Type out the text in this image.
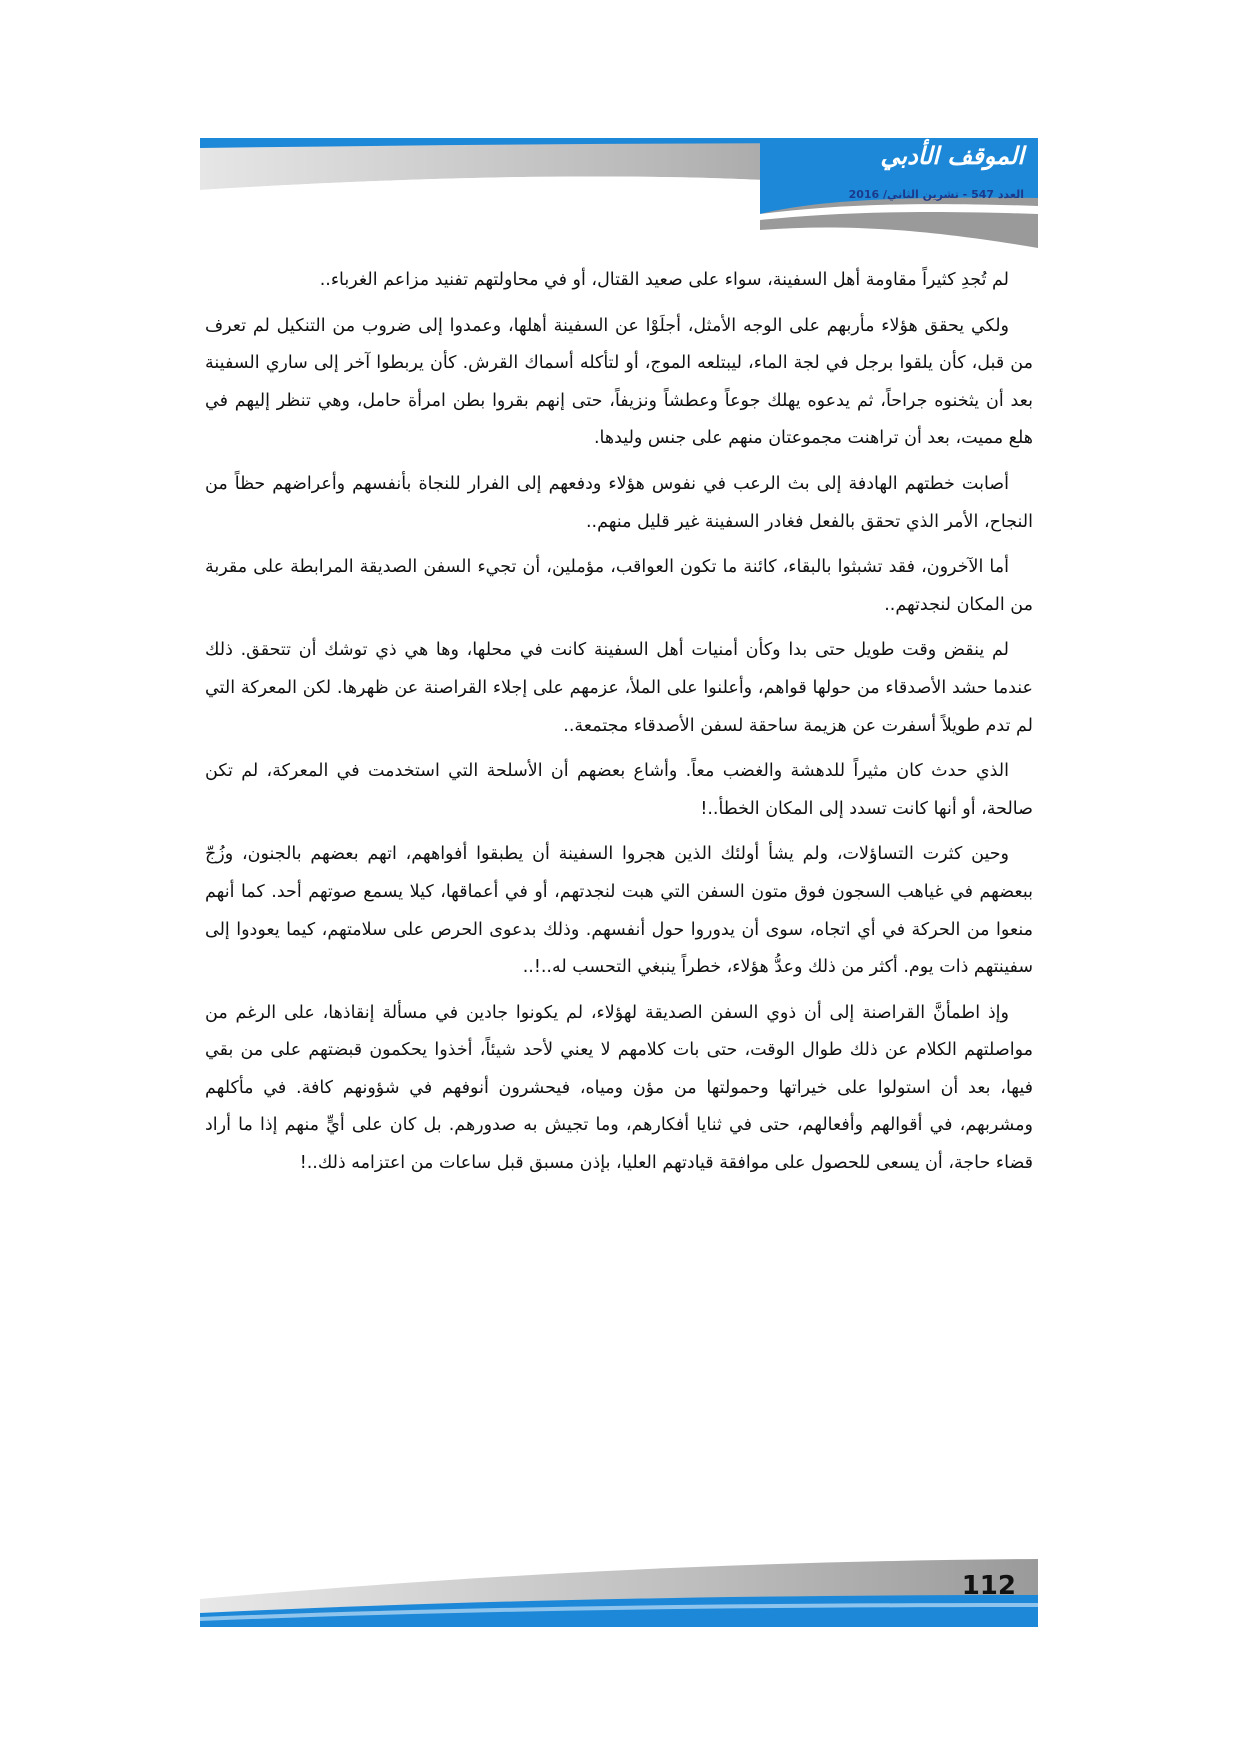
الموقف الأدبي
العدد 547 - تشرين الثاني/ 2016

لم تُجدِ كثيراً مقاومة أهل السفينة، سواء على صعيد القتال، أو في محاولتهم تفنيد مزاعم الغرباء..

ولكي يحقق هؤلاء مأربهم على الوجه الأمثل، أجلَوْا عن السفينة أهلها، وعمدوا إلى ضروب من التنكيل لم تعرف من قبل، كأن يلقوا برجل في لجة الماء، ليبتلعه الموج، أو لتأكله أسماك القرش. كأن يربطوا آخر إلى ساري السفينة بعد أن يثخنوه جراحاً، ثم يدعوه يهلك جوعاً وعطشاً ونزيفاً، حتى إنهم بقروا بطن امرأة حامل، وهي تنظر إليهم في هلع مميت، بعد أن تراهنت مجموعتان منهم على جنس وليدها.

أصابت خطتهم الهادفة إلى بث الرعب في نفوس هؤلاء ودفعهم إلى الفرار للنجاة بأنفسهم وأعراضهم حظاً من النجاح، الأمر الذي تحقق بالفعل فغادر السفينة غير قليل منهم..

أما الآخرون، فقد تشبثوا بالبقاء، كائنة ما تكون العواقب، مؤملين، أن تجيء السفن الصديقة المرابطة على مقربة من المكان لنجدتهم..

لم ينقض وقت طويل حتى بدا وكأن أمنيات أهل السفينة كانت في محلها، وها هي ذي توشك أن تتحقق. ذلك عندما حشد الأصدقاء من حولها قواهم، وأعلنوا على الملأ، عزمهم على إجلاء القراصنة عن ظهرها. لكن المعركة التي لم تدم طويلاً أسفرت عن هزيمة ساحقة لسفن الأصدقاء مجتمعة..

الذي حدث كان مثيراً للدهشة والغضب معاً. وأشاع بعضهم أن الأسلحة التي استخدمت في المعركة، لم تكن صالحة، أو أنها كانت تسدد إلى المكان الخطأ..!

وحين كثرت التساؤلات، ولم يشأ أولئك الذين هجروا السفينة أن يطبقوا أفواههم، اتهم بعضهم بالجنون، وزُجّ ببعضهم في غياهب السجون فوق متون السفن التي هبت لنجدتهم، أو في أعماقها، كيلا يسمع صوتهم أحد. كما أنهم منعوا من الحركة في أي اتجاه، سوى أن يدوروا حول أنفسهم. وذلك بدعوى الحرص على سلامتهم، كيما يعودوا إلى سفينتهم ذات يوم. أكثر من ذلك وعدُّ هؤلاء، خطراً ينبغي التحسب له..!..

وإذ اطمأنَّ القراصنة إلى أن ذوي السفن الصديقة لهؤلاء، لم يكونوا جادين في مسألة إنقاذها، على الرغم من مواصلتهم الكلام عن ذلك طوال الوقت، حتى بات كلامهم لا يعني لأحد شيئاً، أخذوا يحكمون قبضتهم على من بقي فيها، بعد أن استولوا على خيراتها وحمولتها من مؤن ومياه، فيحشرون أنوفهم في شؤونهم كافة. في مأكلهم ومشربهم، في أقوالهم وأفعالهم، حتى في ثنايا أفكارهم، وما تجيش به صدورهم. بل كان على أيٍّ منهم إذا ما أراد قضاء حاجة، أن يسعى للحصول على موافقة قيادتهم العليا، بإذن مسبق قبل ساعات من اعتزامه ذلك..!

112
